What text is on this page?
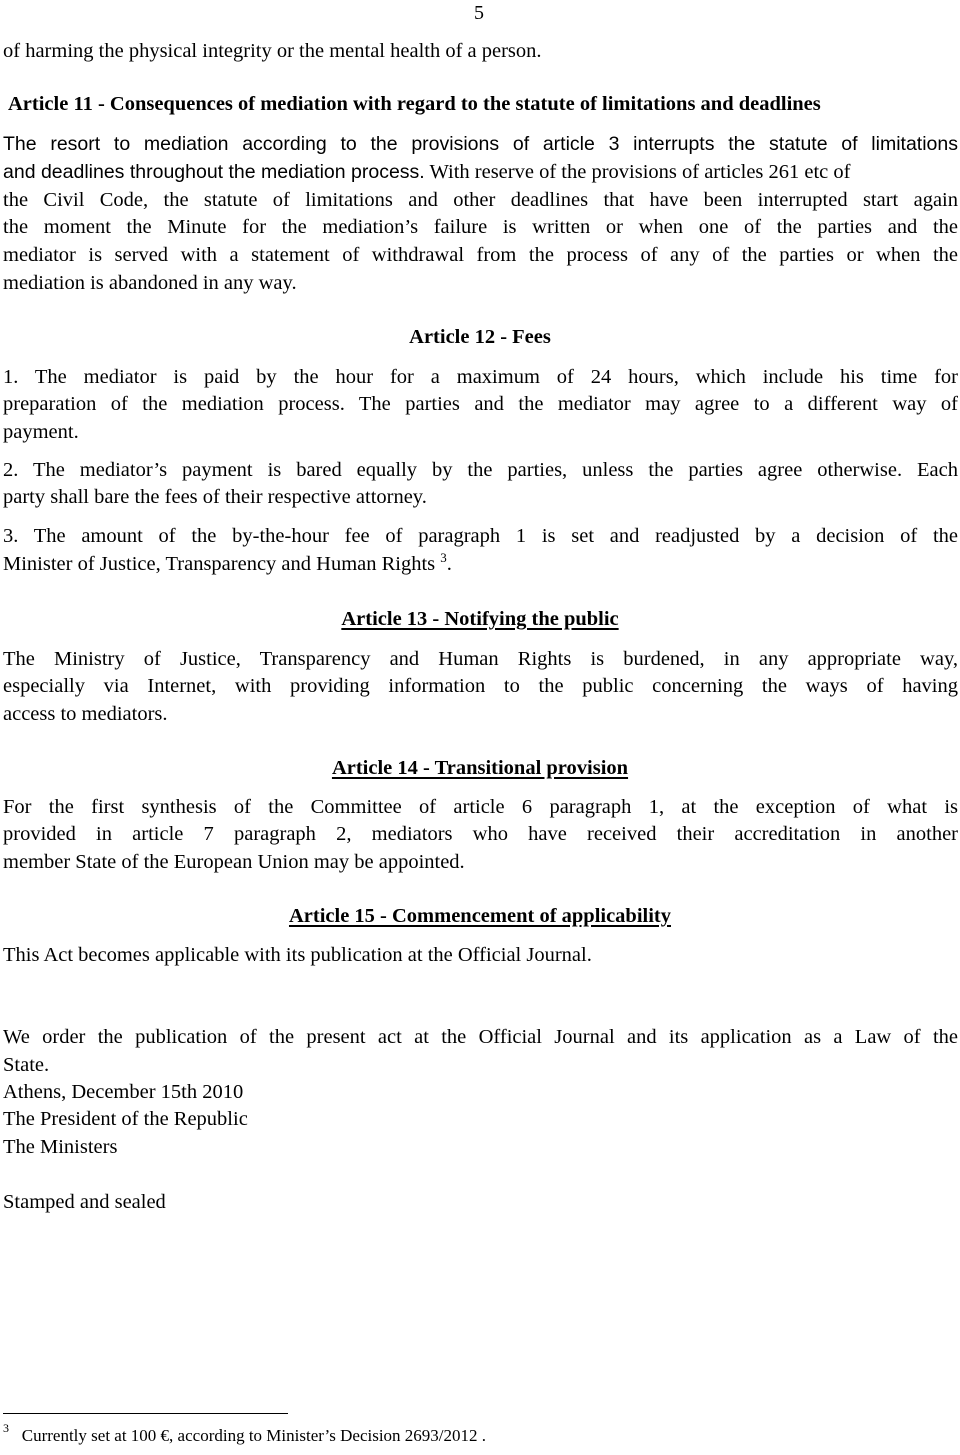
5
of harming the physical integrity or the mental health of a person.
Article 11 - Consequences of mediation with regard to the statute of limitations and deadlines
The resort to mediation according to the provisions of article 3 interrupts the statute of limitations
and deadlines throughout the mediation process. With reserve of the provisions of articles 261 etc of
the Civil Code, the statute of limitations and other deadlines that have been interrupted start again
the moment the Minute for the mediation’s failure is written or when one of the parties and the
mediator is served with a statement of withdrawal from the process of any of the parties or when the
mediation is abandoned in any way.
Article 12 - Fees
1. The mediator is paid by the hour for a maximum of 24 hours, which include his time for
preparation of the mediation process. The parties and the mediator may agree to a different way of
payment.
2. The mediator’s payment is bared equally by the parties, unless the parties agree otherwise. Each
party shall bare the fees of their respective attorney.
3. The amount of the by-the-hour fee of paragraph 1 is set and readjusted by a decision of the
Minister of Justice, Transparency and Human Rights $^3$.
Article 13 - Notifying the public
The Ministry of Justice, Transparency and Human Rights is burdened, in any appropriate way,
especially via Internet, with providing information to the public concerning the ways of having
access to mediators.
Article 14 - Transitional provision
For the first synthesis of the Committee of article 6 paragraph 1, at the exception of what is
provided in article 7 paragraph 2, mediators who have received their accreditation in another
member State of the European Union may be appointed.
Article 15 - Commencement of applicability
This Act becomes applicable with its publication at the Official Journal.
We order the publication of the present act at the Official Journal and its application as a Law of the
State.
Athens, December 15th 2010
The President of the Republic
The Ministers
Stamped and sealed
$^3$ Currently set at 100 €, according to Minister’s Decision 2693/2012 .
